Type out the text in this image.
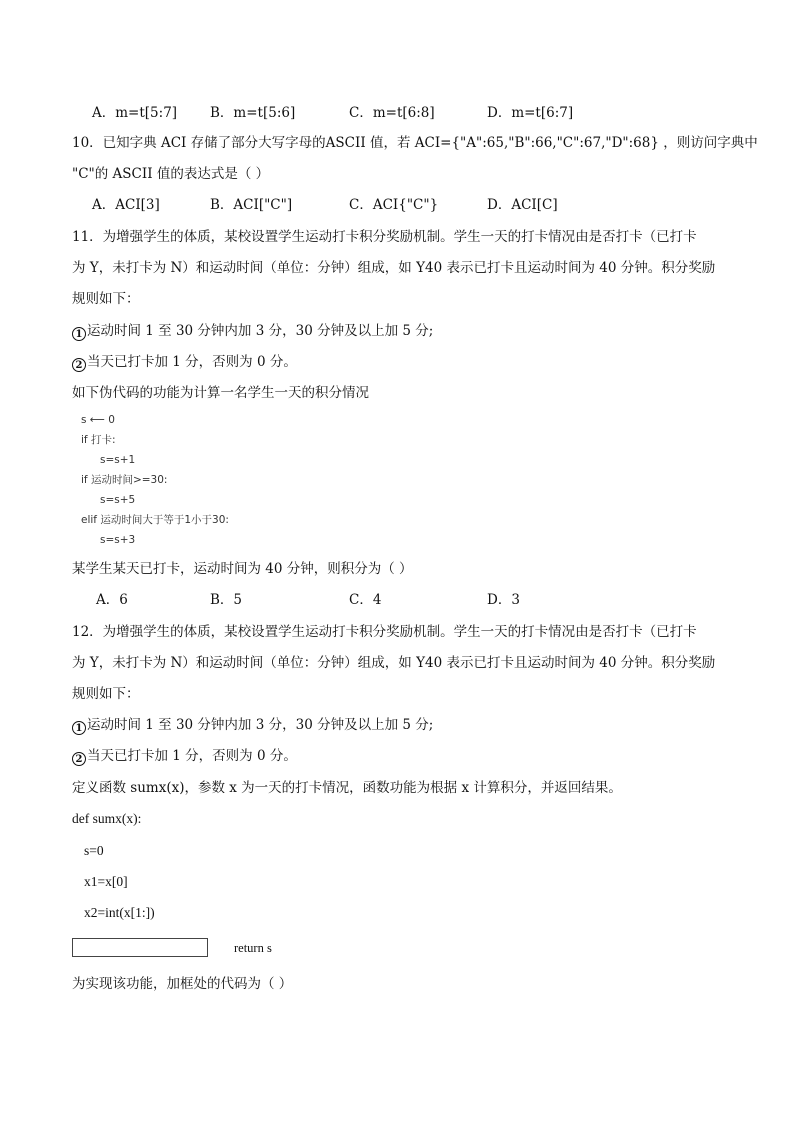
A．m=t[5:7] B．m=t[5:6]	C．m=t[6:8]	D．m=t[6:7]
10．已知字典 ACI 存储了部分大写字母的ASCII 值，若 ACI={"A":65,"B":66,"C":67,"D":68} ，则访问字典中
"C"的 ASCII 值的表达式是（ ）
A．ACI[3]	B．ACI["C"]	C．ACI{"C"}	D．ACI[C]
11．为增强学生的体质，某校设置学生运动打卡积分奖励机制。学生一天的打卡情况由是否打卡（已打卡
为 Y，未打卡为 N）和运动时间（单位：分钟）组成，如 Y40 表示已打卡且运动时间为 40 分钟。积分奖励
规则如下：
1 运动时间 1 至 30 分钟内加 3 分，30 分钟及以上加 5 分;
2 当天已打卡加 1 分，否则为 0 分。
如下伪代码的功能为计算一名学生一天的积分情况
s ⟵ 0
if 打卡:
s=s+1
if 运动时间>=30:
s=s+5
elif 运动时间大于等于1小于30:
s=s+3
某学生某天已打卡，运动时间为 40 分钟，则积分为（ ）
A．6	B．5	C．4	D．3
12．为增强学生的体质，某校设置学生运动打卡积分奖励机制。学生一天的打卡情况由是否打卡（已打卡
为 Y，未打卡为 N）和运动时间（单位：分钟）组成，如 Y40 表示已打卡且运动时间为 40 分钟。积分奖励
规则如下：
1 运动时间 1 至 30 分钟内加 3 分，30 分钟及以上加 5 分;
2 当天已打卡加 1 分，否则为 0 分。
定义函数 sumx(x)，参数 x 为一天的打卡情况，函数功能为根据 x 计算积分，并返回结果。
def sumx(x):
s=0
x1=x[0]
x2=int(x[1:])
return s
为实现该功能，加框处的代码为（ ）
